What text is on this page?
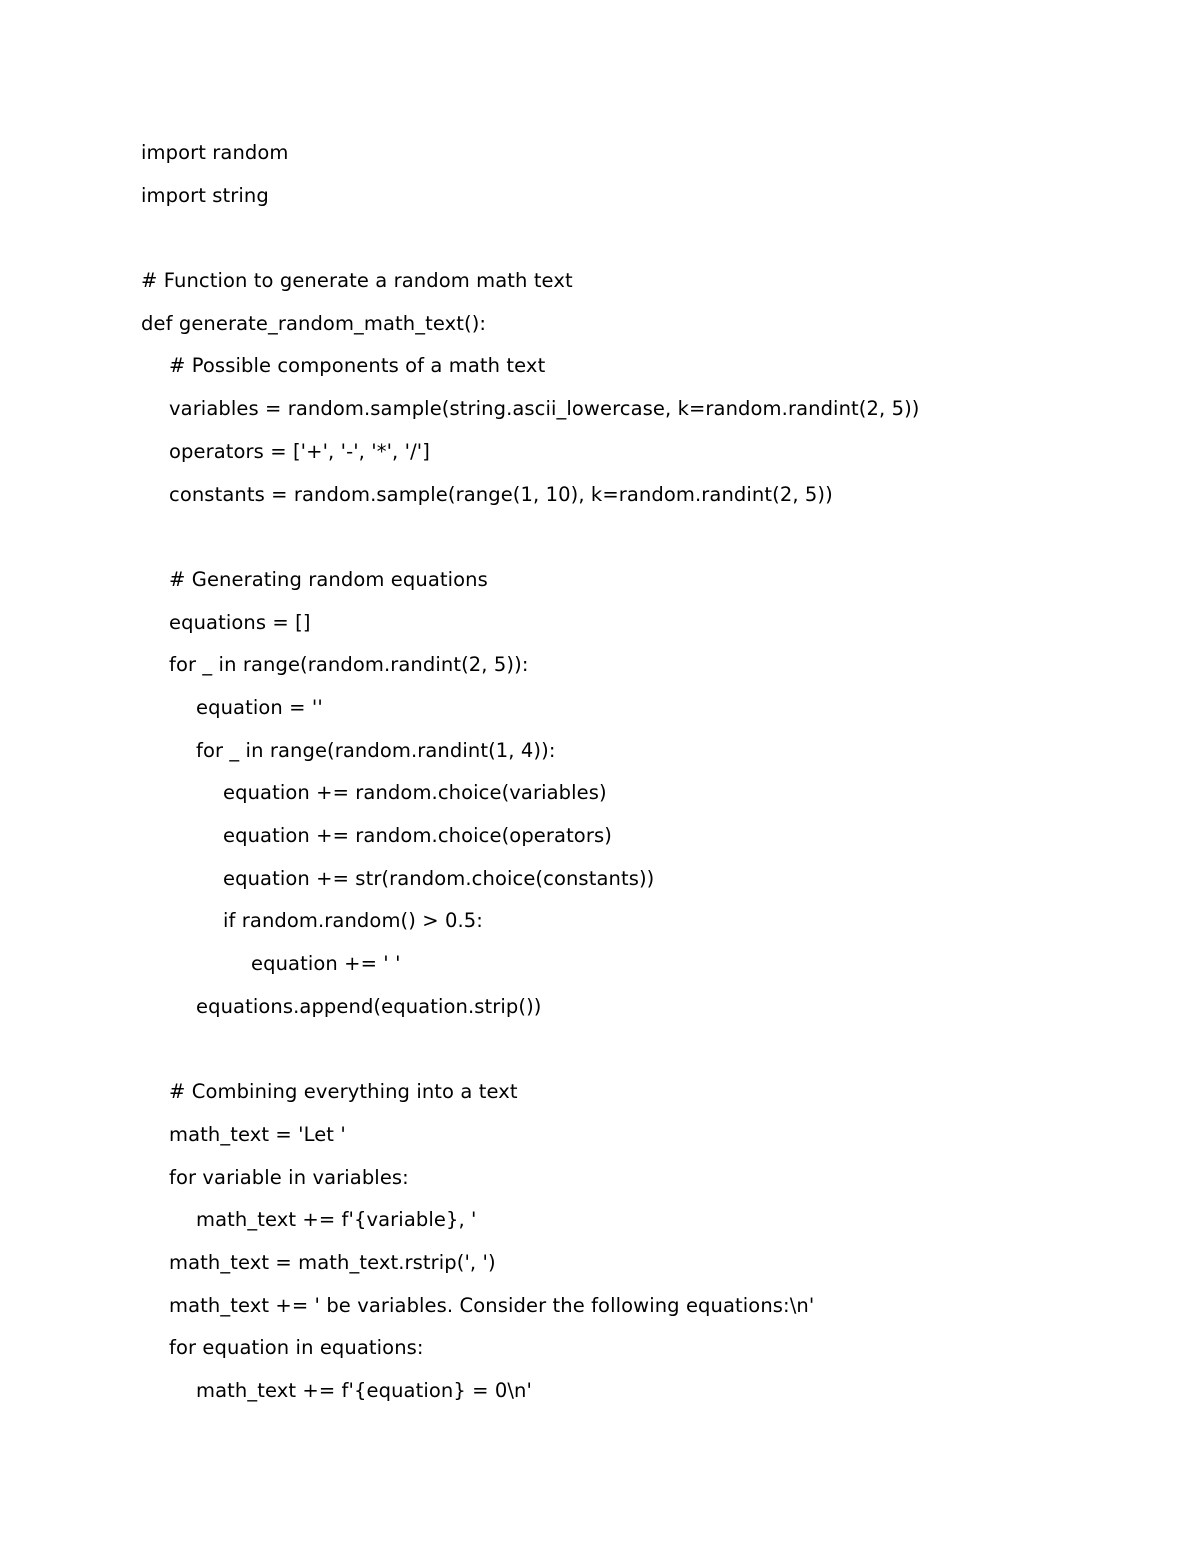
import random
import string
# Function to generate a random math text
def generate_random_math_text():
# Possible components of a math text
variables = random.sample(string.ascii_lowercase, k=random.randint(2, 5))
operators = ['+', '-', '*', '/']
constants = random.sample(range(1, 10), k=random.randint(2, 5))
# Generating random equations
equations = []
for _ in range(random.randint(2, 5)):
equation = ''
for _ in range(random.randint(1, 4)):
equation += random.choice(variables)
equation += random.choice(operators)
equation += str(random.choice(constants))
if random.random() > 0.5:
equation += ' '
equations.append(equation.strip())
# Combining everything into a text
math_text = 'Let '
for variable in variables:
math_text += f'{variable}, '
math_text = math_text.rstrip(', ')
math_text += ' be variables. Consider the following equations:\n'
for equation in equations:
math_text += f'{equation} = 0\n'
